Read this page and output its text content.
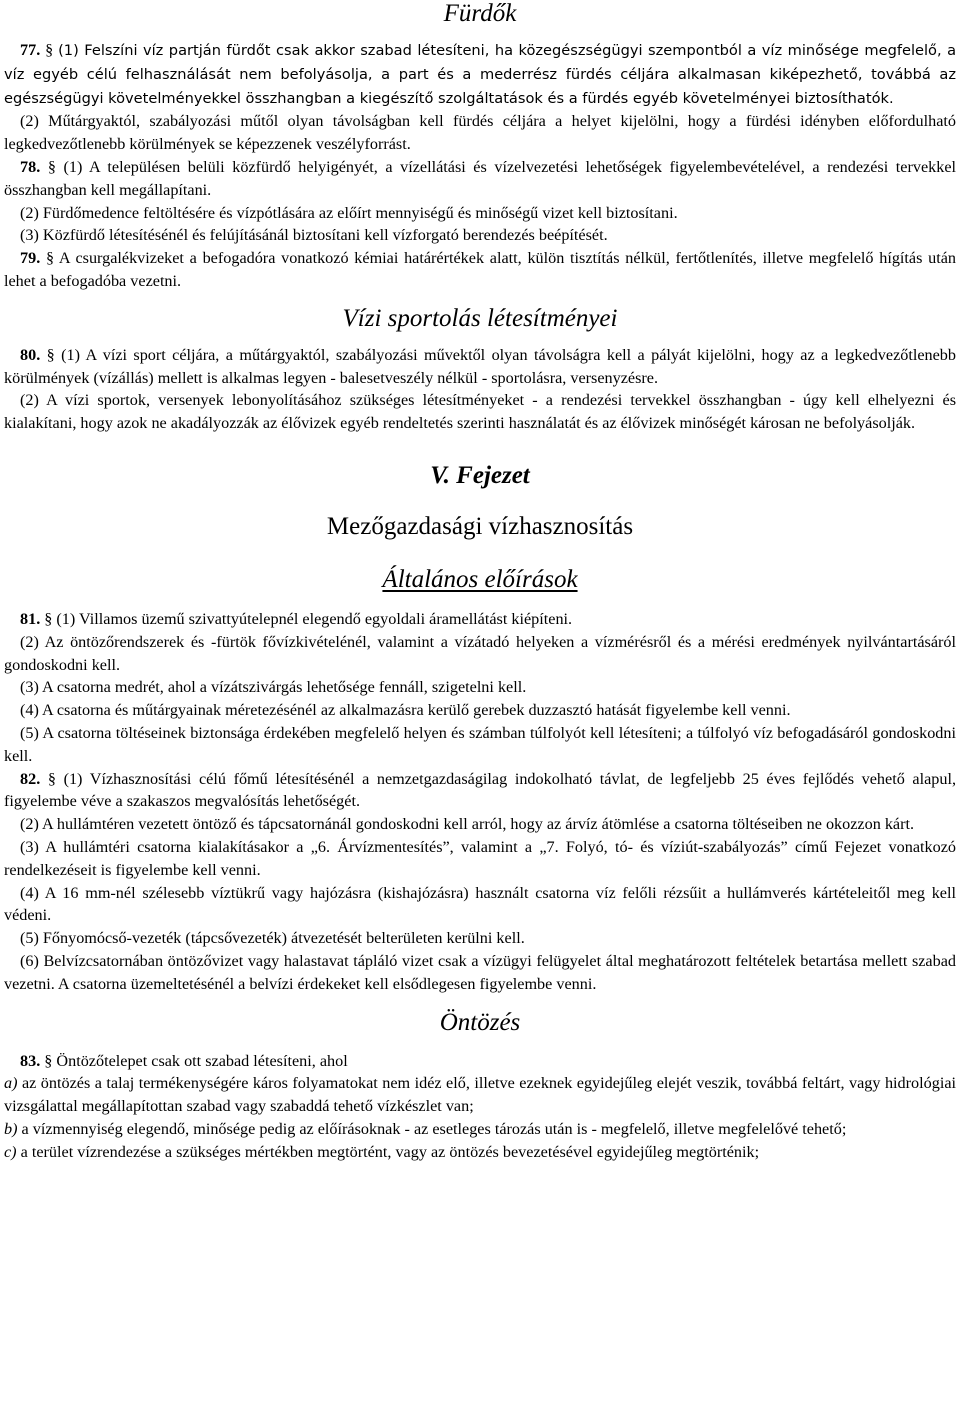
Fürdők

77. § (1) Felszíni víz partján fürdőt csak akkor szabad létesíteni, ha közegészségügyi szempontból a víz minősége megfelelő, a víz egyéb célú felhasználását nem befolyásolja, a part és a mederrész fürdés céljára alkalmasan kiképezhető, továbbá az egészségügyi követelményekkel összhangban a kiegészítő szolgáltatások és a fürdés egyéb követelményei biztosíthatók.

(2) Műtárgyaktól, szabályozási műtől olyan távolságban kell fürdés céljára a helyet kijelölni, hogy a fürdési idényben előfordulható legkedvezőtlenebb körülmények se képezzenek veszélyforrást.

78. § (1) A településen belüli közfürdő helyigényét, a vízellátási és vízelvezetési lehetőségek figyelembevételével, a rendezési tervekkel összhangban kell megállapítani.

(2) Fürdőmedence feltöltésére és vízpótlására az előírt mennyiségű és minőségű vizet kell biztosítani.

(3) Közfürdő létesítésénél és felújításánál biztosítani kell vízforgató berendezés beépítését.

79. § A csurgalékvizeket a befogadóra vonatkozó kémiai határértékek alatt, külön tisztítás nélkül, fertőtlenítés, illetve megfelelő hígítás után lehet a befogadóba vezetni.

Vízi sportolás létesítményei

80. § (1) A vízi sport céljára, a műtárgyaktól, szabályozási művektől olyan távolságra kell a pályát kijelölni, hogy az a legkedvezőtlenebb körülmények (vízállás) mellett is alkalmas legyen - balesetveszély nélkül - sportolásra, versenyzésre.

(2) A vízi sportok, versenyek lebonyolításához szükséges létesítményeket - a rendezési tervekkel összhangban - úgy kell elhelyezni és kialakítani, hogy azok ne akadályozzák az élővizek egyéb rendeltetés szerinti használatát és az élővizek minőségét károsan ne befolyásolják.

V. Fejezet
Mezőgazdasági vízhasznosítás
Általános előírások

81. § (1) Villamos üzemű szivattyútelepnél elegendő egyoldali áramellátást kiépíteni.

(2) Az öntözőrendszerek és -fürtök fővízkivételénél, valamint a vízátadó helyeken a vízmérésről és a mérési eredmények nyilvántartásáról gondoskodni kell.

(3) A csatorna medrét, ahol a vízátszivárgás lehetősége fennáll, szigetelni kell.

(4) A csatorna és műtárgyainak méretezésénél az alkalmazásra kerülő gerebek duzzasztó hatását figyelembe kell venni.

(5) A csatorna töltéseinek biztonsága érdekében megfelelő helyen és számban túlfolyót kell létesíteni; a túlfolyó víz befogadásáról gondoskodni kell.

82. § (1) Vízhasznosítási célú főmű létesítésénél a nemzetgazdaságilag indokolható távlat, de legfeljebb 25 éves fejlődés vehető alapul, figyelembe véve a szakaszos megvalósítás lehetőségét.

(2) A hullámtéren vezetett öntöző és tápcsatornánál gondoskodni kell arról, hogy az árvíz átömlése a csatorna töltéseiben ne okozzon kárt.

(3) A hullámtéri csatorna kialakításakor a „6. Árvízmentesítés”, valamint a „7. Folyó, tó- és víziút-szabályozás” című Fejezet vonatkozó rendelkezéseit is figyelembe kell venni.

(4) A 16 mm-nél szélesebb víztükrű vagy hajózásra (kishajózásra) használt csatorna víz felőli rézsűit a hullámverés kártételeitől meg kell védeni.

(5) Főnyomócső-vezeték (tápcsővezeték) átvezetését belterületen kerülni kell.

(6) Belvízcsatornában öntözővizet vagy halastavat tápláló vizet csak a vízügyi felügyelet által meghatározott feltételek betartása mellett szabad vezetni. A csatorna üzemeltetésénél a belvízi érdekeket kell elsődlegesen figyelembe venni.

Öntözés

83. § Öntözőtelepet csak ott szabad létesíteni, ahol

a) az öntözés a talaj termékenységére káros folyamatokat nem idéz elő, illetve ezeknek egyidejűleg elejét veszik, továbbá feltárt, vagy hidrológiai vizsgálattal megállapítottan szabad vagy szabaddá tehető vízkészlet van;

b) a vízmennyiség elegendő, minősége pedig az előírásoknak - az esetleges tározás után is - megfelelő, illetve megfelelővé tehető;

c) a terület vízrendezése a szükséges mértékben megtörtént, vagy az öntözés bevezetésével egyidejűleg megtörténik;
